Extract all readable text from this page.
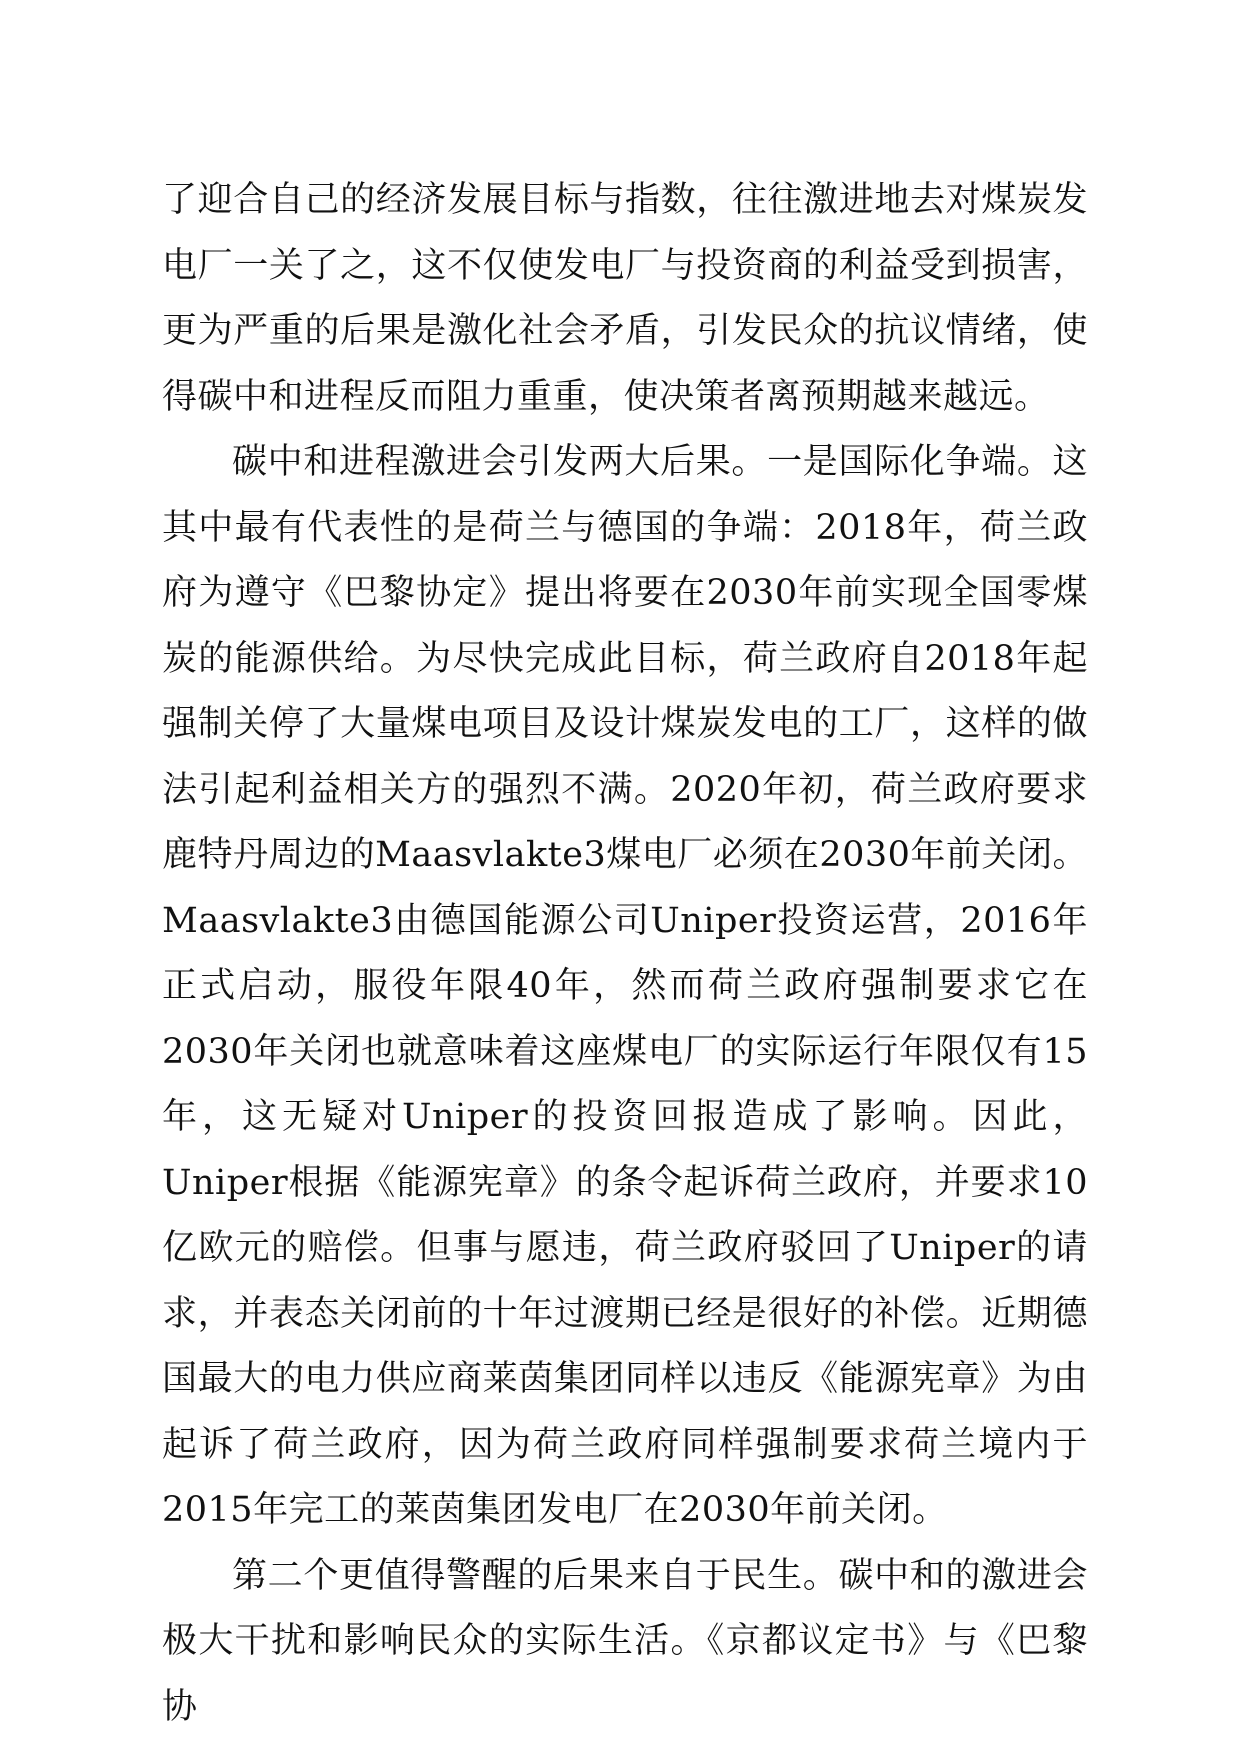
了迎合自己的经济发展目标与指数，往往激进地去对煤炭发电厂一关了之，这不仅使发电厂与投资商的利益受到损害，更为严重的后果是激化社会矛盾，引发民众的抗议情绪，使得碳中和进程反而阻力重重，使决策者离预期越来越远。

碳中和进程激进会引发两大后果。一是国际化争端。这其中最有代表性的是荷兰与德国的争端：2018年，荷兰政府为遵守《巴黎协定》提出将要在2030年前实现全国零煤炭的能源供给。为尽快完成此目标，荷兰政府自2018年起强制关停了大量煤电项目及设计煤炭发电的工厂，这样的做法引起利益相关方的强烈不满。2020年初，荷兰政府要求鹿特丹周边的Maasvlakte3煤电厂必须在2030年前关闭。Maasvlakte3由德国能源公司Uniper投资运营，2016年正式启动，服役年限40年，然而荷兰政府强制要求它在2030年关闭也就意味着这座煤电厂的实际运行年限仅有15年，这无疑对Uniper的投资回报造成了影响。因此，Uniper根据《能源宪章》的条令起诉荷兰政府，并要求10亿欧元的赔偿。但事与愿违，荷兰政府驳回了Uniper的请求，并表态关闭前的十年过渡期已经是很好的补偿。近期德国最大的电力供应商莱茵集团同样以违反《能源宪章》为由起诉了荷兰政府，因为荷兰政府同样强制要求荷兰境内于2015年完工的莱茵集团发电厂在2030年前关闭。

第二个更值得警醒的后果来自于民生。碳中和的激进会极大干扰和影响民众的实际生活。《京都议定书》与《巴黎协
